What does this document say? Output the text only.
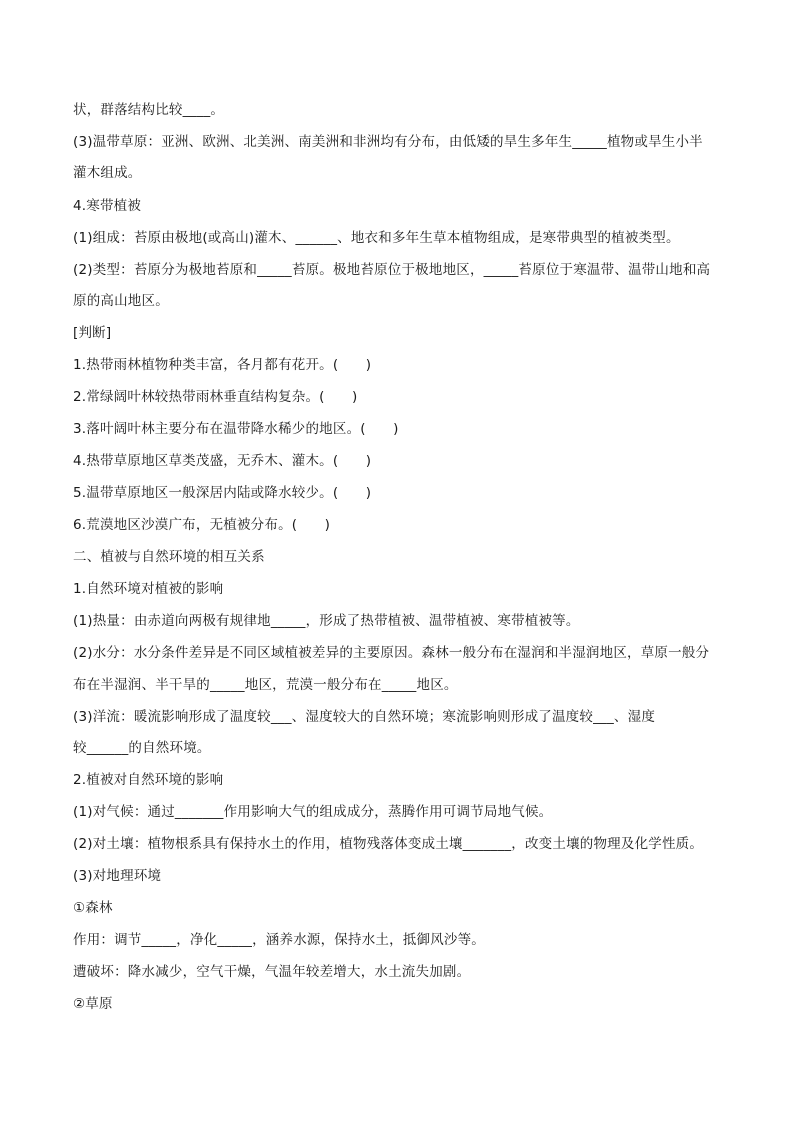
状，群落结构比较____。
(3)温带草原：亚洲、欧洲、北美洲、南美洲和非洲均有分布，由低矮的旱生多年生_____植物或旱生小半
灌木组成。
4.寒带植被
(1)组成：苔原由极地(或高山)灌木、______、地衣和多年生草本植物组成，是寒带典型的植被类型。
(2)类型：苔原分为极地苔原和_____苔原。极地苔原位于极地地区，_____苔原位于寒温带、温带山地和高
原的高山地区。
[判断]
1.热带雨林植物种类丰富，各月都有花开。(　　)
2.常绿阔叶林较热带雨林垂直结构复杂。(　　)
3.落叶阔叶林主要分布在温带降水稀少的地区。(　　)
4.热带草原地区草类茂盛，无乔木、灌木。(　　)
5.温带草原地区一般深居内陆或降水较少。(　　)
6.荒漠地区沙漠广布，无植被分布。(　　)
二、植被与自然环境的相互关系
1.自然环境对植被的影响
(1)热量：由赤道向两极有规律地_____，形成了热带植被、温带植被、寒带植被等。
(2)水分：水分条件差异是不同区域植被差异的主要原因。森林一般分布在湿润和半湿润地区，草原一般分
布在半湿润、半干旱的_____地区，荒漠一般分布在_____地区。
(3)洋流：暖流影响形成了温度较___、湿度较大的自然环境；寒流影响则形成了温度较___、湿度
较______的自然环境。
2.植被对自然环境的影响
(1)对气候：通过_______作用影响大气的组成成分，蒸腾作用可调节局地气候。
(2)对土壤：植物根系具有保持水土的作用，植物残落体变成土壤_______，改变土壤的物理及化学性质。
(3)对地理环境
①森林
作用：调节_____，净化_____，涵养水源，保持水土，抵御风沙等。
遭破坏：降水减少，空气干燥，气温年较差增大，水土流失加剧。
②草原
